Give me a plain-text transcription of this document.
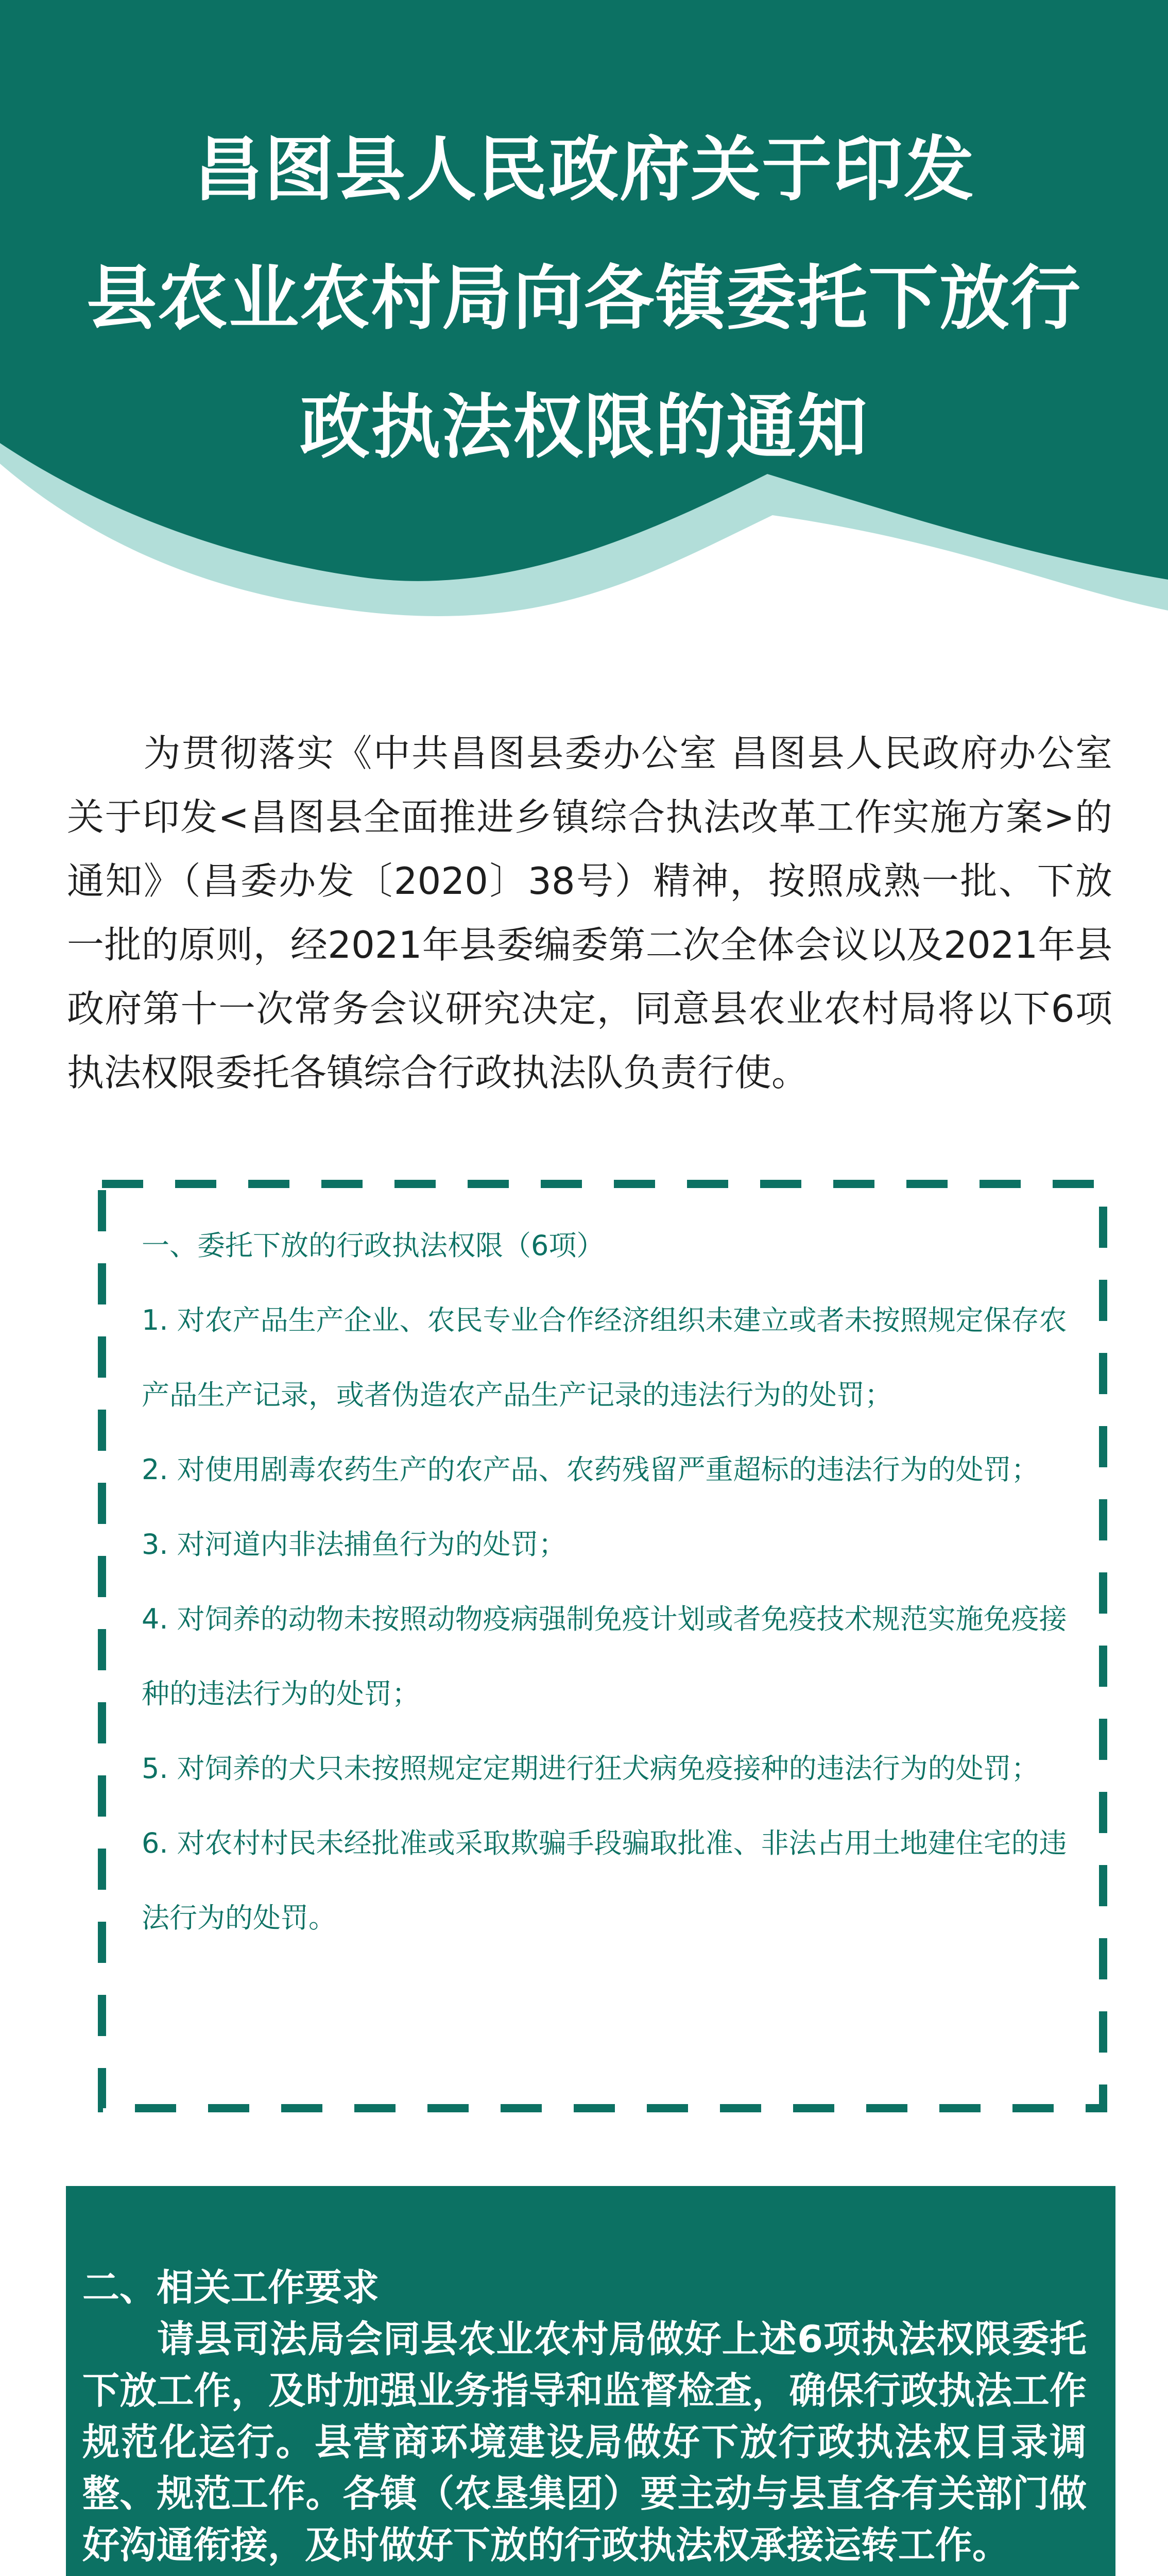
昌图县人民政府关于印发
县农业农村局向各镇委托下放行
政执法权限的通知
　　为贯彻落实《中共昌图县委办公室 昌图县人民政府办公室关于印发<昌图县全面推进乡镇综合执法改革工作实施方案>的通知》（昌委办发〔2020〕38号）精神，按照成熟一批、下放一批的原则，经2021年县委编委第二次全体会议以及2021年县政府第十一次常务会议研究决定，同意县农业农村局将以下6项执法权限委托各镇综合行政执法队负责行使。

一、委托下放的行政执法权限（6项）

1. 对农产品生产企业、农民专业合作经济组织未建立或者未按照规定保存农产品生产记录，或者伪造农产品生产记录的违法行为的处罚；

2. 对使用剧毒农药生产的农产品、农药残留严重超标的违法行为的处罚；

3. 对河道内非法捕鱼行为的处罚；

4. 对饲养的动物未按照动物疫病强制免疫计划或者免疫技术规范实施免疫接种的违法行为的处罚；

5. 对饲养的犬只未按照规定定期进行狂犬病免疫接种的违法行为的处罚；

6. 对农村村民未经批准或采取欺骗手段骗取批准、非法占用土地建住宅的违法行为的处罚。

二、相关工作要求
请县司法局会同县农业农村局做好上述6项执法权限委托下放工作，及时加强业务指导和监督检查，确保行政执法工作规范化运行。县营商环境建设局做好下放行政执法权目录调整、规范工作。各镇（农垦集团）要主动与县直各有关部门做好沟通衔接，及时做好下放的行政执法权承接运转工作。
